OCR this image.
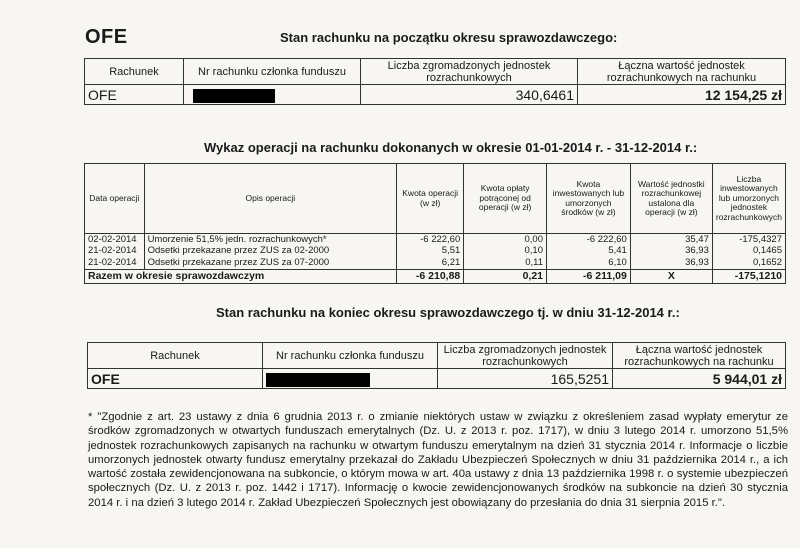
OFE	Stan rachunku na początku okresu sprawozdawczego:
Rachunek	Nr rachunku członka funduszu	Liczba zgromadzonych jednostek rozrachunkowych	Łączna wartość jednostek rozrachunkowych na rachunku
OFE		340,6461	12 154,25 zł
Wykaz operacji na rachunku dokonanych w okresie 01-01-2014 r. - 31-12-2014 r.:
Data operacji	Opis operacji	Kwota operacji (w zł)	Kwota opłaty potrąconej od operacji (w zł)	Kwota inwestowanych lub umorzonych środków (w zł)	Wartość jednostki rozrachunkowej ustalona dla operacji (w zł)	Liczba inwestowanych lub umorzonych jednostek rozrachunkowych
02-02-2014	Umorzenie 51,5% jedn. rozrachunkowych*	-6 222,60	0,00	-6 222,60	35,47	-175,4327
21-02-2014	Odsetki przekazane przez ZUS za 02-2000	5,51	0,10	5,41	36,93	0,1465
21-02-2014	Odsetki przekazane przez ZUS za 07-2000	6,21	0,11	6,10	36,93	0,1652
Razem w okresie sprawozdawczym		-6 210,88	0,21	-6 211,09	X	-175,1210
Stan rachunku na koniec okresu sprawozdawczego tj. w dniu 31-12-2014 r.:
Rachunek	Nr rachunku członka funduszu	Liczba zgromadzonych jednostek rozrachunkowych	Łączna wartość jednostek rozrachunkowych na rachunku
OFE		165,5251	5 944,01 zł
* "Zgodnie z art. 23 ustawy z dnia 6 grudnia 2013 r. o zmianie niektórych ustaw w związku z określeniem zasad wypłaty emerytur ze środków zgromadzonych w otwartych funduszach emerytalnych (Dz. U. z 2013 r. poz. 1717), w dniu 3 lutego 2014 r. umorzono 51,5% jednostek rozrachunkowych zapisanych na rachunku w otwartym funduszu emerytalnym na dzień 31 stycznia 2014 r. Informacje o liczbie umorzonych jednostek otwarty fundusz emerytalny przekazał do Zakładu Ubezpieczeń Społecznych w dniu 31 października 2014 r., a ich wartość została zewidencjonowana na subkoncie, o którym mowa w art. 40a ustawy z dnia 13 października 1998 r. o systemie ubezpieczeń społecznych (Dz. U. z 2013 r. poz. 1442 i 1717). Informację o kwocie zewidencjonowanych środków na subkoncie na dzień 30 stycznia 2014 r. i na dzień 3 lutego 2014 r. Zakład Ubezpieczeń Społecznych jest obowiązany do przesłania do dnia 31 sierpnia 2015 r.".
